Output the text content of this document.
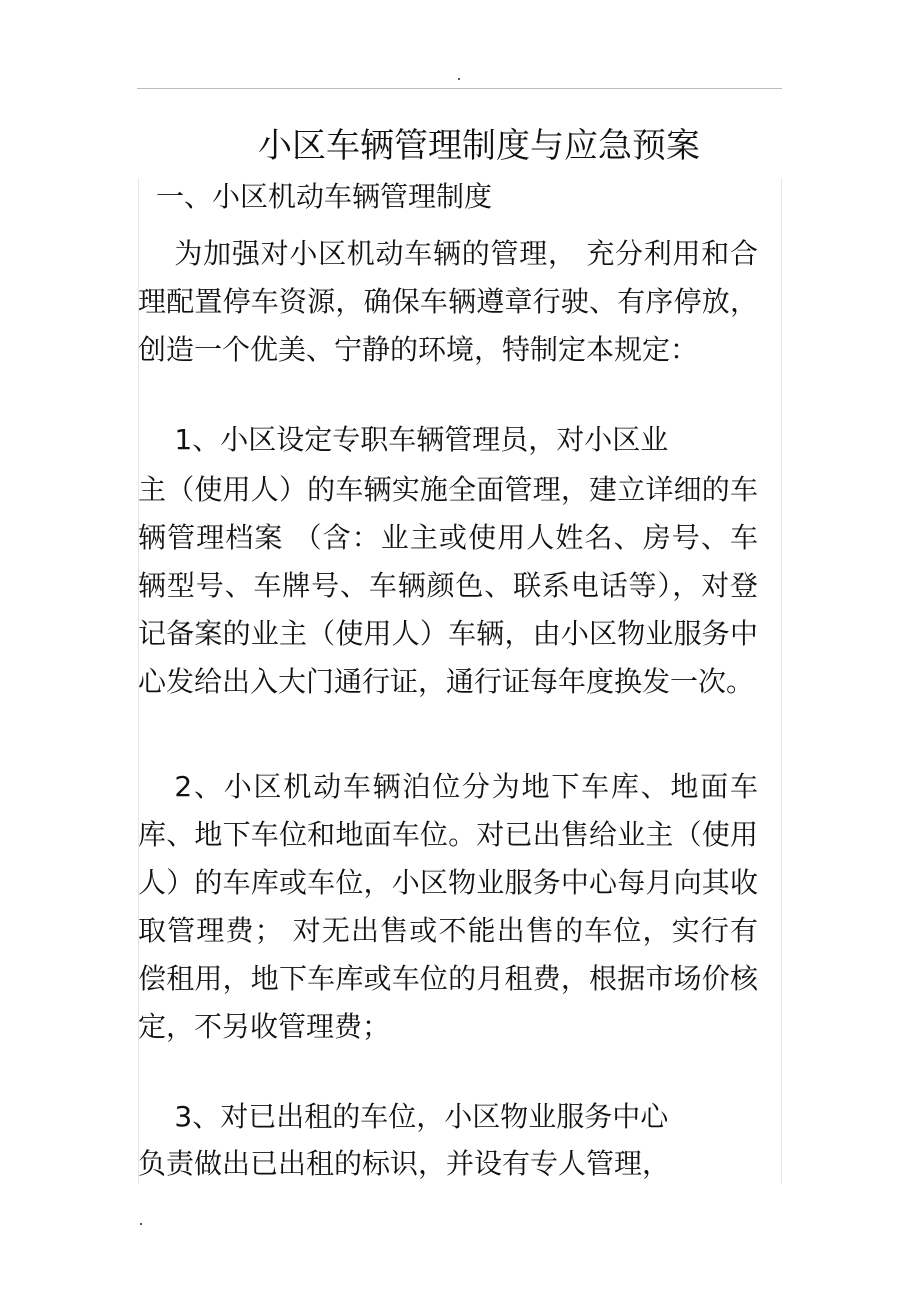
小区车辆管理制度与应急预案
一、小区机动车辆管理制度

为加强对小区机动车辆的管理， 充分利用和合理配置停车资源，确保车辆遵章行驶、有序停放，创造一个优美、宁静的环境，特制定本规定：

1、小区设定专职车辆管理员，对小区业

主（使用人）的车辆实施全面管理，建立详细的车辆管理档案 （含：业主或使用人姓名、房号、车辆型号、车牌号、车辆颜色、联系电话等），对登记备案的业主（使用人）车辆，由小区物业服务中心发给出入大门通行证，通行证每年度换发一次。

2、小区机动车辆泊位分为地下车库、地面车库、地下车位和地面车位。对已出售给业主（使用人）的车库或车位，小区物业服务中心每月向其收取管理费； 对无出售或不能出售的车位，实行有偿租用，地下车库或车位的月租费，根据市场价核定，不另收管理费；

3、对已出租的车位，小区物业服务中心

负责做出已出租的标识，并设有专人管理，
